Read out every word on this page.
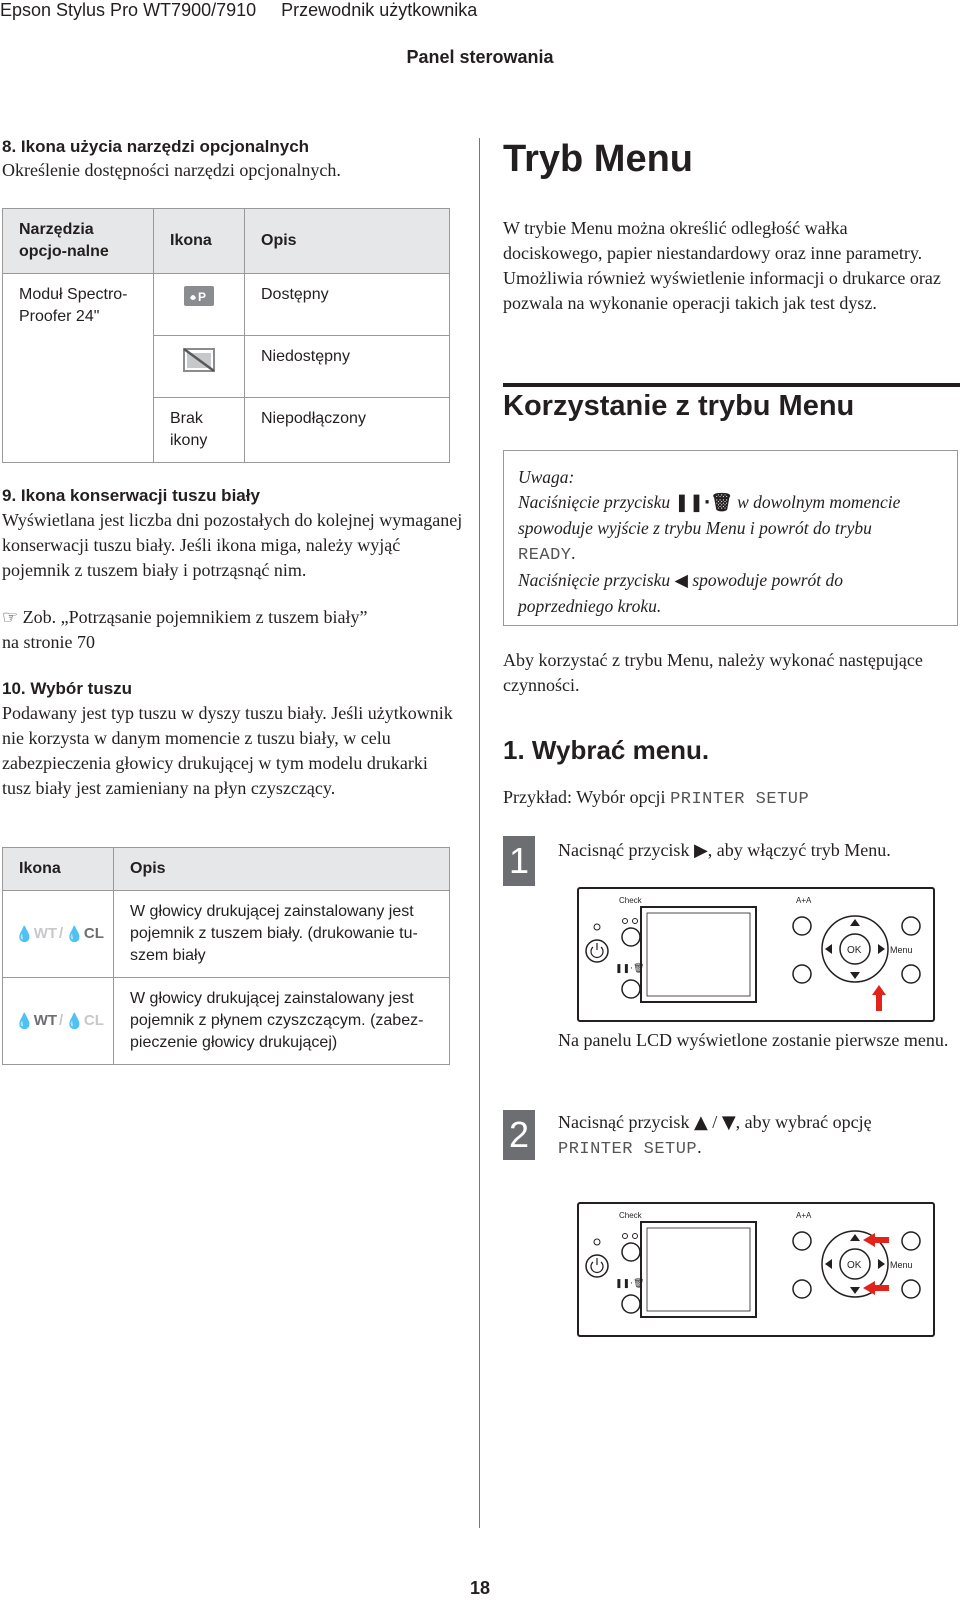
Epson Stylus Pro WT7900/7910 Przewodnik użytkownika
Panel sterowania
8. Ikona użycia narzędzi opcjonalnych
Określenie dostępności narzędzi opcjonalnych.
Narzędzia opcjo-nalne	Ikona	Opis
Moduł Spectro-Proofer 24"	P	Dostępny

	Niedostępny
	Brak ikony	Niepodłączony
9. Ikona konserwacji tuszu biały
Wyświetlana jest liczba dni pozostałych do kolejnej wymaganej konserwacji tuszu biały. Jeśli ikona miga, należy wyjąć pojemnik z tuszem biały i potrząsnąć nim.
☞ Zob. „Potrząsanie pojemnikiem z tuszem biały”
na stronie 70
10. Wybór tuszu
Podawany jest typ tuszu w dyszy tuszu biały. Jeśli użytkownik nie korzysta w danym momencie z tuszu biały, w celu zabezpieczenia głowicy drukującej w tym modelu drukarki tusz biały jest zamieniany na płyn czyszczący.
Ikona	Opis

💧 WT / 💧 CL	W głowicy drukującej zainstalowany jest pojemnik z tuszem biały. (drukowanie tu-szem biały

💧 WT / 💧 CL	W głowicy drukującej zainstalowany jest pojemnik z płynem czyszczącym. (zabez-pieczenie głowicy drukującej)
Tryb Menu
W trybie Menu można określić odległość wałka dociskowego, papier niestandardowy oraz inne parametry. Umożliwia również wyświetlenie informacji o drukarce oraz pozwala na wykonanie operacji takich jak test dysz.
Korzystanie z trybu Menu
Uwaga:
Naciśnięcie przycisku ❚❚·🗑 w dowolnym momencie
spowoduje wyjście z trybu Menu i powrót do trybu
READY.
Naciśnięcie przycisku ◀ spowoduje powrót do
poprzedniego kroku.
Aby korzystać z trybu Menu, należy wykonać następujące czynności.
1. Wybrać menu.
Przykład: Wybór opcji PRINTER SETUP
1	Nacisnąć przycisk ▶, aby włączyć tryb Menu.
Check
❚❚·🗑
A+A
OK	Menu
Na panelu LCD wyświetlone zostanie pierwsze menu.
2	Nacisnąć przycisk ▲ / ▼, aby wybrać opcję
PRINTER SETUP.
Check
❚❚·🗑
A+A
OK	Menu
18
